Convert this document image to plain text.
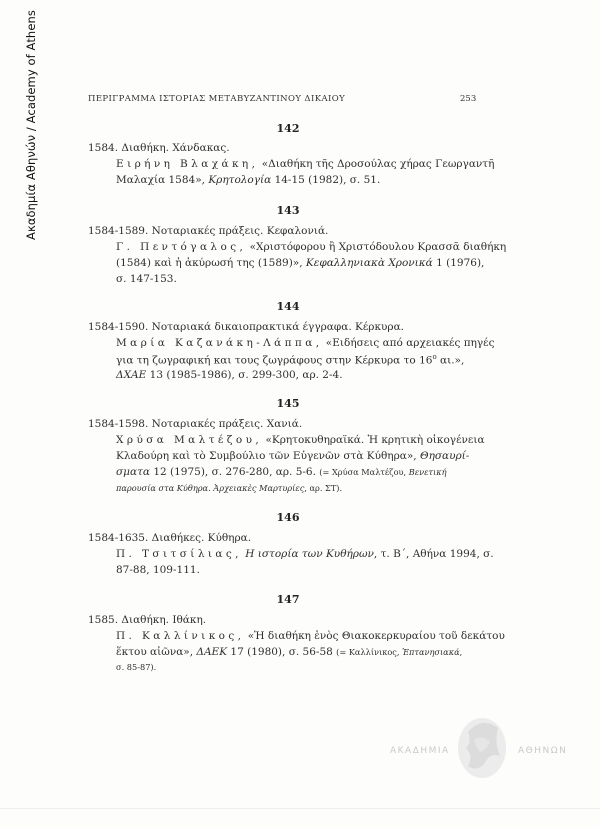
Ακαδημία Αθηνών / Academy of Athens	ΠΕΡΙΓΡΑΜΜΑ ΙΣΤΟΡΙΑΣ ΜΕΤΑΒΥΖΑΝΤΙΝΟΥ ΔΙΚΑΙΟΥ	253
142
1584. Διαθήκη. Χάνδακας.
Ειρήνη Βλαχάκη, «Διαθήκη τῆς Δροσούλας χήρας Γεωργαντῆ
Μαλαχία 1584», Κρητολογία 14-15 (1982), σ. 51.
143
1584-1589. Νοταριακές πράξεις. Κεφαλονιά.
Γ. Πεντόγαλος, «Χριστόφορου ἢ Χριστόδουλου Κρασσᾶ διαθήκη
(1584) καὶ ἡ ἀκύρωσή της (1589)», Κεφαλληνιακὰ Χρονικά 1 (1976),
σ. 147-153.
144
1584-1590. Νοταριακά δικαιοπρακτικά έγγραφα. Κέρκυρα.
Μαρία Καζανάκη-Λάππα, «Ειδήσεις από αρχειακές πηγές
για τη ζωγραφική και τους ζωγράφους στην Κέρκυρα το $16^o$ αι.»,
ΔΧΑΕ 13 (1985-1986), σ. 299-300, αρ. 2-4.
145
1584-1598. Νοταριακές πράξεις. Χανιά.
Χρύσα Μαλτέζου, «Κρητοκυθηραϊκά. Ἡ κρητικὴ οἰκογένεια
Κλαδούρη καὶ τὸ Συμβούλιο τῶν Εὐγενῶν στὰ Κύθηρα», Θησαυρί-
σματα 12 (1975), σ. 276-280, αρ. 5-6. (= Χρύσα Μαλτέζου, Βενετική
παρουσία στα Κύθηρα. Ἀρχειακὲς Μαρτυρίες, αρ. ΣΤ).
146
1584-1635. Διαθήκες. Κύθηρα.
Π. Τσιτσίλιας, Η ιστορία των Κυθήρων, τ. Β΄, Αθήνα 1994, σ.
87-88, 109-111.
147
1585. Διαθήκη. Ιθάκη.
Π. Καλλίνικος, «Ἡ διαθήκη ἑνὸς Θιακοκερκυραίου τοῦ δεκάτου
ἕκτου αἰῶνα», ΔΑΕΚ 17 (1980), σ. 56-58 (= Καλλίνικος, Ἐπτανησιακά,
σ. 85-87).
ΑΚΑΔΗΜΙΑ	ΑΘΗΝΩΝ
